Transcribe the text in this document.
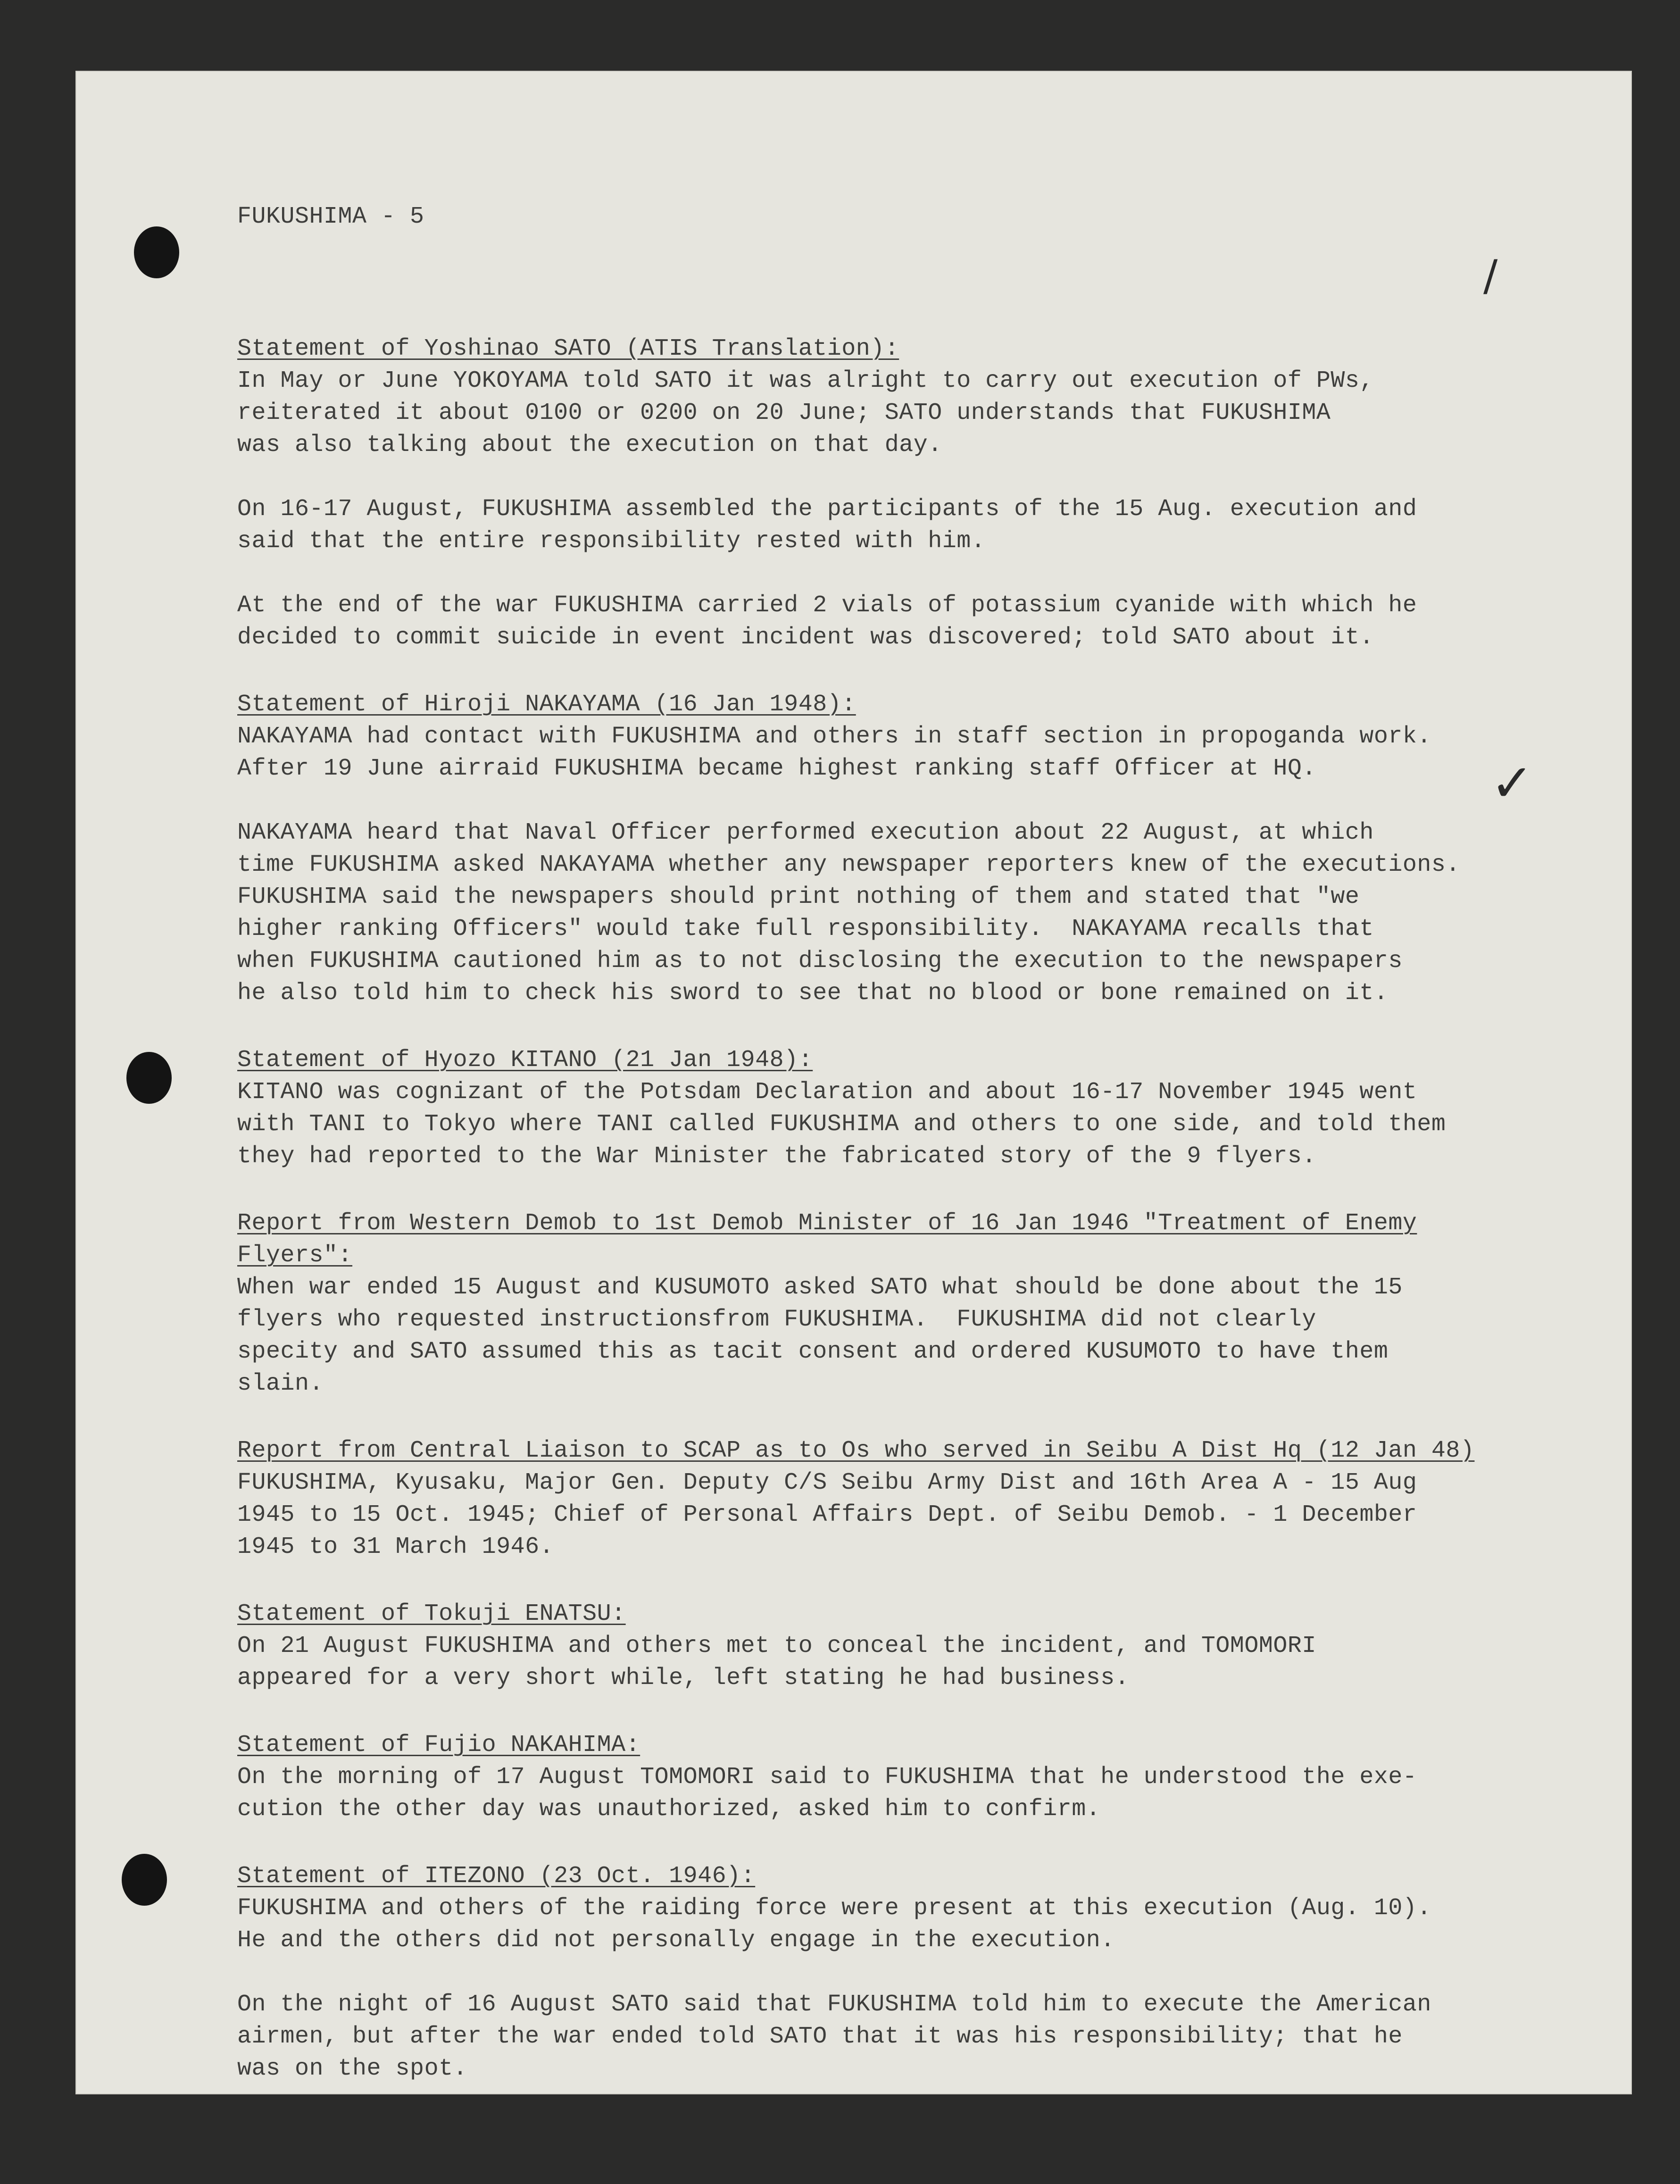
/
✓

FUKUSHIMA - 5

Statement of Yoshinao SATO (ATIS Translation):
In May or June YOKOYAMA told SATO it was alright to carry out execution of PWs,
reiterated it about 0100 or 0200 on 20 June; SATO understands that FUKUSHIMA
was also talking about the execution on that day.
On 16-17 August, FUKUSHIMA assembled the participants of the 15 Aug. execution and
said that the entire responsibility rested with him.
At the end of the war FUKUSHIMA carried 2 vials of potassium cyanide with which he
decided to commit suicide in event incident was discovered; told SATO about it.
Statement of Hiroji NAKAYAMA (16 Jan 1948):
NAKAYAMA had contact with FUKUSHIMA and others in staff section in propoganda work.
After 19 June airraid FUKUSHIMA became highest ranking staff Officer at HQ.
NAKAYAMA heard that Naval Officer performed execution about 22 August, at which
time FUKUSHIMA asked NAKAYAMA whether any newspaper reporters knew of the executions.
FUKUSHIMA said the newspapers should print nothing of them and stated that "we
higher ranking Officers" would take full responsibility.  NAKAYAMA recalls that
when FUKUSHIMA cautioned him as to not disclosing the execution to the newspapers
he also told him to check his sword to see that no blood or bone remained on it.
Statement of Hyozo KITANO (21 Jan 1948):
KITANO was cognizant of the Potsdam Declaration and about 16-17 November 1945 went
with TANI to Tokyo where TANI called FUKUSHIMA and others to one side, and told them
they had reported to the War Minister the fabricated story of the 9 flyers.
Report from Western Demob to 1st Demob Minister of 16 Jan 1946 "Treatment of Enemy
Flyers":
When war ended 15 August and KUSUMOTO asked SATO what should be done about the 15
flyers who requested instructionsfrom FUKUSHIMA.  FUKUSHIMA did not clearly
specity and SATO assumed this as tacit consent and ordered KUSUMOTO to have them
slain.
Report from Central Liaison to SCAP as to Os who served in Seibu A Dist Hq (12 Jan 48)
FUKUSHIMA, Kyusaku, Major Gen. Deputy C/S Seibu Army Dist and 16th Area A - 15 Aug
1945 to 15 Oct. 1945; Chief of Personal Affairs Dept. of Seibu Demob. - 1 December
1945 to 31 March 1946.
Statement of Tokuji ENATSU:
On 21 August FUKUSHIMA and others met to conceal the incident, and TOMOMORI
appeared for a very short while, left stating he had business.
Statement of Fujio NAKAHIMA:
On the morning of 17 August TOMOMORI said to FUKUSHIMA that he understood the exe-
cution the other day was unauthorized, asked him to confirm.
Statement of ITEZONO (23 Oct. 1946):
FUKUSHIMA and others of the raiding force were present at this execution (Aug. 10).
He and the others did not personally engage in the execution.
On the night of 16 August SATO said that FUKUSHIMA told him to execute the American
airmen, but after the war ended told SATO that it was his responsibility; that he
was on the spot.
